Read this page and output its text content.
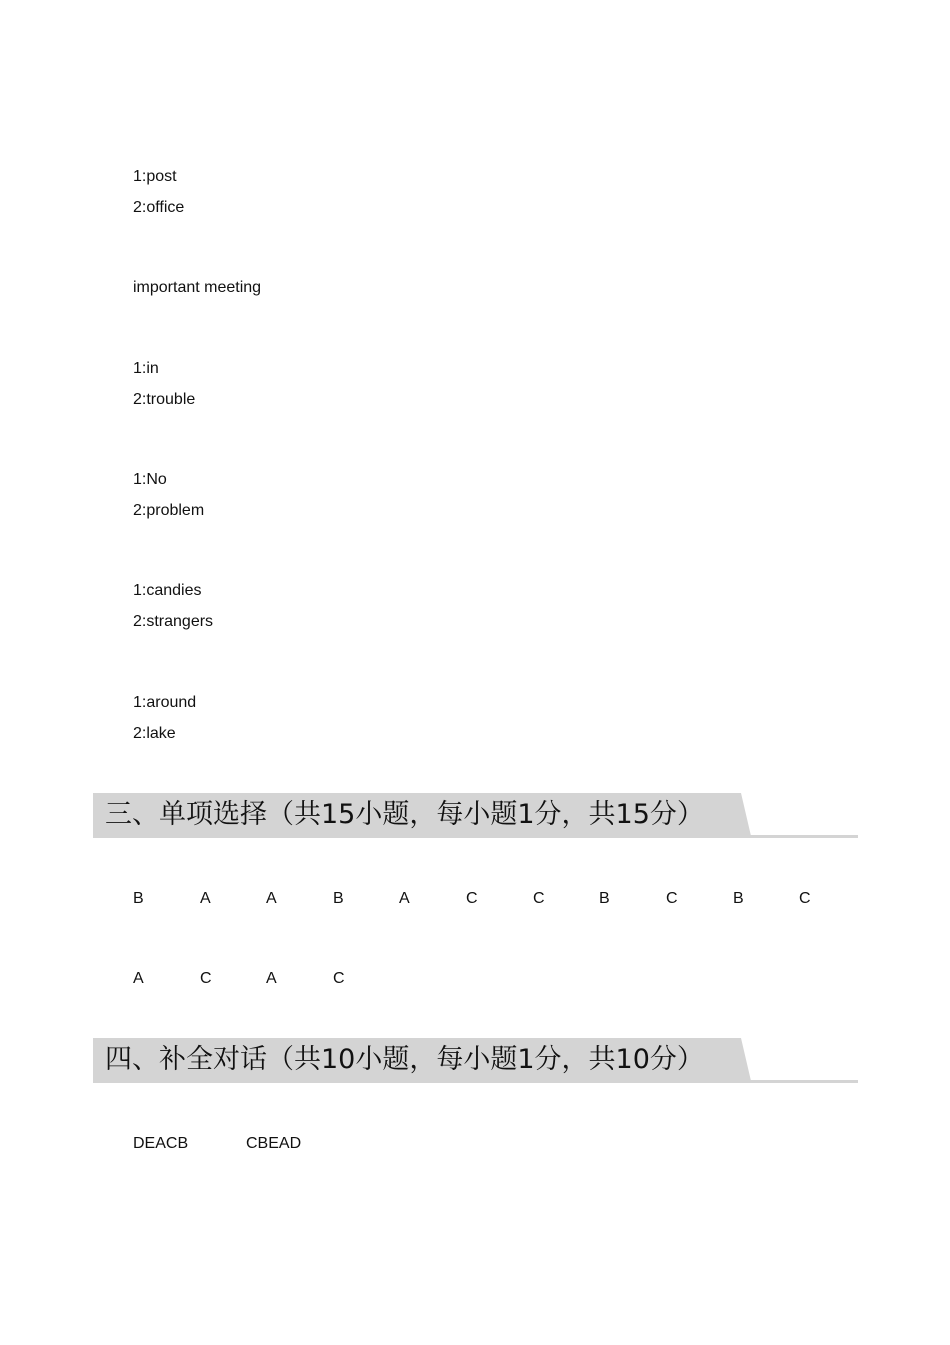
1:post
2:office
important meeting
1:in
2:trouble
1:No
2:problem
1:candies
2:strangers
1:around
2:lake
三、单项选择（共15小题，每小题1分，共15分）
B	A	A	B	A	C	C	B	C	B	C
A	C	A	C
四、补全对话（共10小题，每小题1分，共10分）
DEACB	CBEAD
